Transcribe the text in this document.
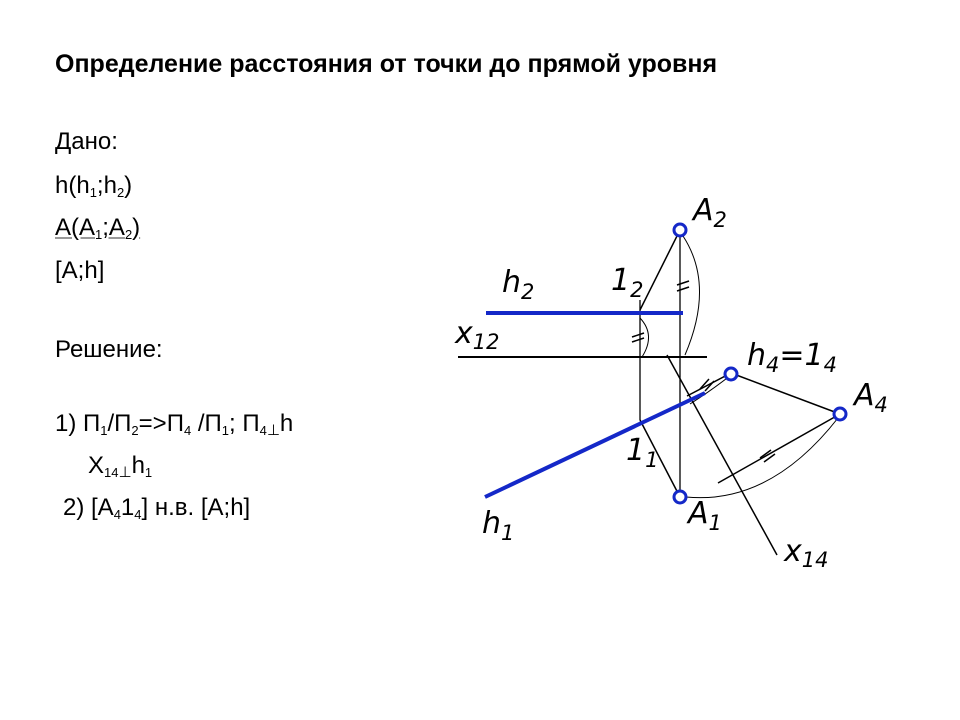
Определение расстояния от точки до прямой уровня
Дано:
$h(h_1;h_2)$
$A(A_1;A_2)$
[A;h]
Решение:
1) $П_1/П_2=>П_4$ $/П_1$; $П_4\perp h$
$X_{14}\perp h_1$
2) $[A_41_4]$ н.в. [A;h]
$A_2$
$h_2$	$1_2$
$x_{12}$	$h_4=1_4$
$A_4$
$1_1$
$A_1$
$h_1$
$x_{14}$
